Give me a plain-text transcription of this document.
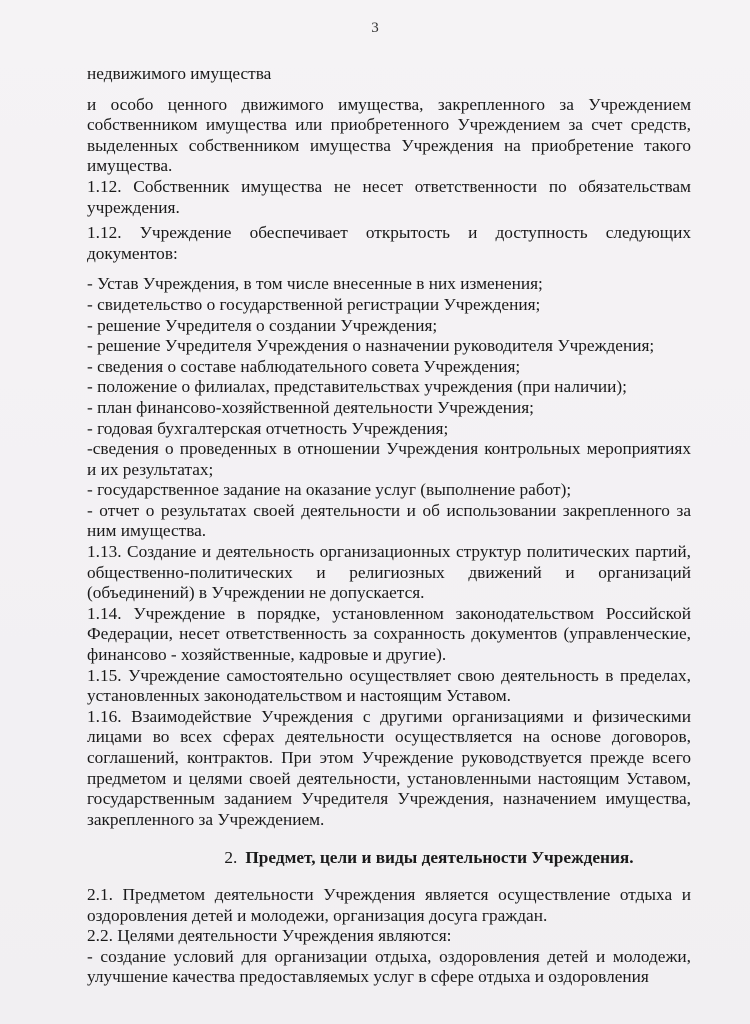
3

недвижимого имущества

и особо ценного движимого имущества, закрепленного за Учреждением собственником имущества или приобретенного Учреждением за счет средств, выделенных собственником имущества Учреждения на приобретение такого имущества.

1.12. Собственник имущества не несет ответственности по обязательствам учреждения.

1.12. Учреждение обеспечивает открытость и доступность следующих документов:

- Устав Учреждения, в том числе внесенные в них изменения;
- свидетельство о государственной регистрации Учреждения;
- решение Учредителя о создании Учреждения;
- решение Учредителя Учреждения о назначении руководителя Учреждения;
- сведения о составе наблюдательного совета Учреждения;
- положение о филиалах, представительствах учреждения (при наличии);
- план финансово-хозяйственной деятельности Учреждения;
- годовая бухгалтерская отчетность Учреждения;
-сведения о проведенных в отношении Учреждения контрольных мероприятиях и их результатах;
- государственное задание на оказание услуг (выполнение работ);
- отчет о результатах своей деятельности и об использовании закрепленного за ним имущества.

1.13. Создание и деятельность организационных структур политических партий, общественно-политических и религиозных движений и организаций (объединений) в Учреждении не допускается.

1.14. Учреждение в порядке, установленном законодательством Российской Федерации, несет ответственность за сохранность документов (управленческие, финансово - хозяйственные, кадровые и другие).

1.15. Учреждение самостоятельно осуществляет свою деятельность в пределах, установленных законодательством и настоящим Уставом.

1.16. Взаимодействие Учреждения с другими организациями и физическими лицами во всех сферах деятельности осуществляется на основе договоров, соглашений, контрактов. При этом Учреждение руководствуется прежде всего предметом и целями своей деятельности, установленными настоящим Уставом, государственным заданием Учредителя Учреждения, назначением имущества, закрепленного за Учреждением.

2. Предмет, цели и виды деятельности Учреждения.

2.1. Предметом деятельности Учреждения является осуществление отдыха и оздоровления детей и молодежи, организация досуга граждан.

2.2. Целями деятельности Учреждения являются:

- создание условий для организации отдыха, оздоровления детей и молодежи, улучшение качества предоставляемых услуг в сфере отдыха и оздоровления
